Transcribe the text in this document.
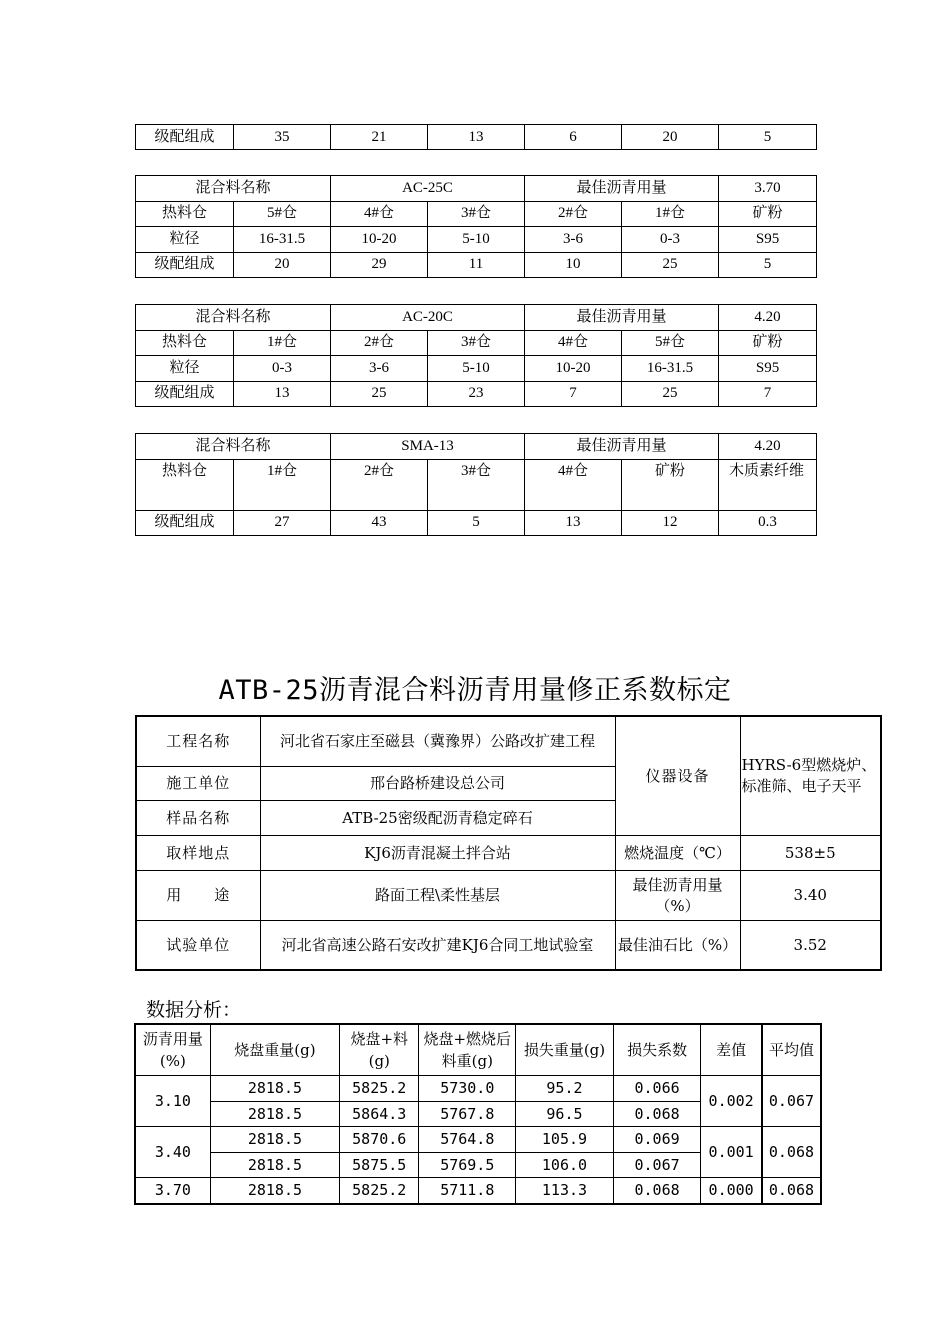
级配组成	35	21	13	6	20	5
混合料名称		AC-25C		最佳沥青用量		3.70
热料仓	5#仓	4#仓	3#仓	2#仓	1#仓	矿粉
粒径	16-31.5	10-20	5-10	3-6	0-3	S95
级配组成	20	29	11	10	25	5
混合料名称		AC-20C		最佳沥青用量		4.20
热料仓	1#仓	2#仓	3#仓	4#仓	5#仓	矿粉
粒径	0-3	3-6	5-10	10-20	16-31.5	S95
级配组成	13	25	23	7	25	7
混合料名称		SMA-13		最佳沥青用量		4.20
热料仓	1#仓	2#仓	3#仓	4#仓	矿粉	木质素纤维
级配组成	27	43	5	13	12	0.3
ATB-25沥青混合料沥青用量修正系数标定
工程名称	河北省石家庄至磁县（冀豫界）公路改扩建工程	仪器设备	HYRS-6型燃烧炉、标准筛、电子天平
施工单位	邢台路桥建设总公司		
样品名称	ATB-25密级配沥青稳定碎石		
取样地点	KJ6沥青混凝土拌合站	燃烧温度（℃）	538±5
用　　途	路面工程\柔性基层	最佳沥青用量（%）	3.40
试验单位	河北省高速公路石安改扩建KJ6合同工地试验室	最佳油石比（%）	3.52

数据分析：

沥青用量(%)	烧盘重量(g)	烧盘+料(g)	烧盘+燃烧后料重(g)	损失重量(g)	损失系数	差值	平均值
3.10	2818.5	5825.2	5730.0	95.2	0.066	0.002	0.067
	2818.5	5864.3	5767.8	96.5	0.068		
3.40	2818.5	5870.6	5764.8	105.9	0.069	0.001	0.068
	2818.5	5875.5	5769.5	106.0	0.067		
3.70	2818.5	5825.2	5711.8	113.3	0.068	0.000	0.068
